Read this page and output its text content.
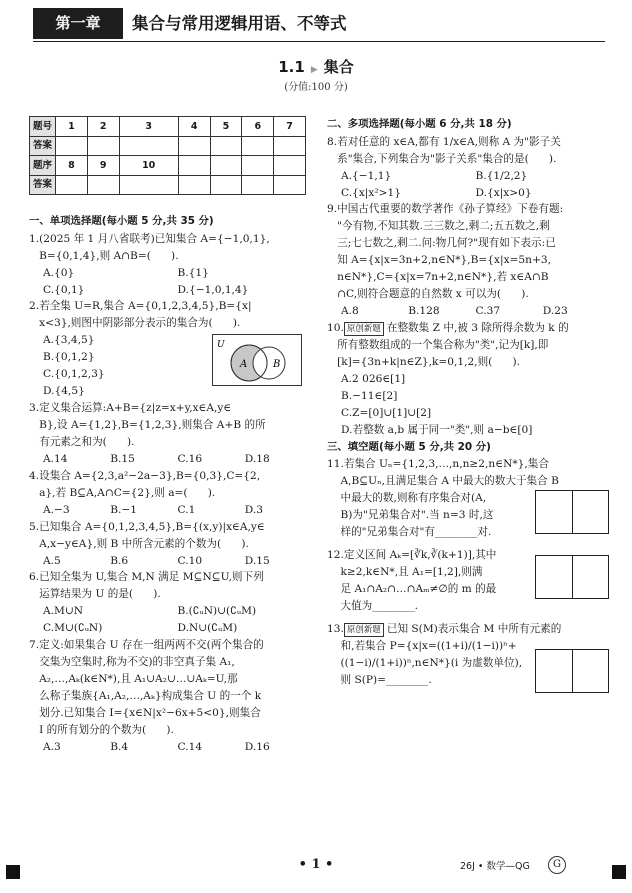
第一章	集合与常用逻辑用语、不等式
1.1 ▶ 集合
(分值:100 分)
题号	1	2	3	4	5	6	7
答案							
题序	8	9	10				
答案							
一、单项选择题(每小题 5 分,共 35 分)
1.(2025 年 1 月八省联考)已知集合 A={−1,0,1},
B={0,1,4},则 A∩B=(      ).
A.{0}	B.{1}
C.{0,1}	D.{−1,0,1,4}
2.若全集 U=R,集合 A={0,1,2,3,4,5},B={x|
x<3},则图中阴影部分表示的集合为(      ).
A.{3,4,5}
B.{0,1,2}
C.{0,1,2,3}
D.{4,5}
U
A	B
3.定义集合运算:A+B={z|z=x+y,x∈A,y∈
B},设 A={1,2},B={1,2,3},则集合 A+B 的所
有元素之和为(      ).
A.14	B.15	C.16	D.18
4.设集合 A={2,3,a²−2a−3},B={0,3},C={2,
a},若 B⊆A,A∩C={2},则 a=(      ).
A.−3	B.−1	C.1	D.3
5.已知集合 A={0,1,2,3,4,5},B={(x,y)|x∈A,y∈
A,x−y∈A},则 B 中所含元素的个数为(      ).
A.5	B.6	C.10	D.15
6.已知全集为 U,集合 M,N 满足 M⊆N⊆U,则下列
运算结果为 U 的是(      ).
A.M∪N	B.(∁ᵤN)∪(∁ᵤM)
C.M∪(∁ᵤN)	D.N∪(∁ᵤM)
7.定义:如果集合 U 存在一组两两不交(两个集合的
交集为空集时,称为不交)的非空真子集 A₁,
A₂,…,Aₖ(k∈N*),且 A₁∪A₂∪…∪Aₖ=U,那
么称子集族{A₁,A₂,…,Aₖ}构成集合 U 的一个 k
划分.已知集合 I={x∈N|x²−6x+5<0},则集合
I 的所有划分的个数为(      ).
A.3	B.4	C.14	D.16
二、多项选择题(每小题 6 分,共 18 分)
8.若对任意的 x∈A,都有 1/x∈A,则称 A 为"影子关
系"集合,下列集合为"影子关系"集合的是(      ).
A.{−1,1}	B.{1/2,2}
C.{x|x²>1}	D.{x|x>0}
9.中国古代重要的数学著作《孙子算经》下卷有题:
"今有物,不知其数.三三数之,剩二;五五数之,剩
三;七七数之,剩二.问:物几何?"现有如下表示:已
知 A={x|x=3n+2,n∈N*},B={x|x=5n+3,
n∈N*},C={x|x=7n+2,n∈N*},若 x∈A∩B
∩C,则符合题意的自然数 x 可以为(      ).
A.8	B.128	C.37	D.23
10. 原创新题 在整数集 Z 中,被 3 除所得余数为 k 的
所有整数组成的一个集合称为"类",记为[k],即
[k]={3n+k|n∈Z},k=0,1,2,则(      ).
A.2 026∈[1]
B.−11∈[2]
C.Z=[0]∪[1]∪[2]
D.若整数 a,b 属于同一"类",则 a−b∈[0]
三、填空题(每小题 5 分,共 20 分)
11.若集合 Uₙ={1,2,3,…,n,n≥2,n∈N*},集合
A,B⊆Uₙ,且满足集合 A 中最大的数大于集合 B
中最大的数,则称有序集合对(A,
B)为"兄弟集合对".当 n=3 时,这
样的"兄弟集合对"有________对.
12.定义区间 Aₖ=[∛k,∛(k+1)],其中
k≥2,k∈N*,且 A₁=[1,2],则满
足 A₁∩A₂∩…∩Aₘ≠∅的 m 的最
大值为________.
13. 原创新题 已知 S(M)表示集合 M 中所有元素的
和,若集合 P={x|x=((1+i)/(1−i))ⁿ+
((1−i)/(1+i))ⁿ,n∈N*}(i 为虚数单位),
则 S(P)=________.
• 1 •	26J • 数学—QG	G
